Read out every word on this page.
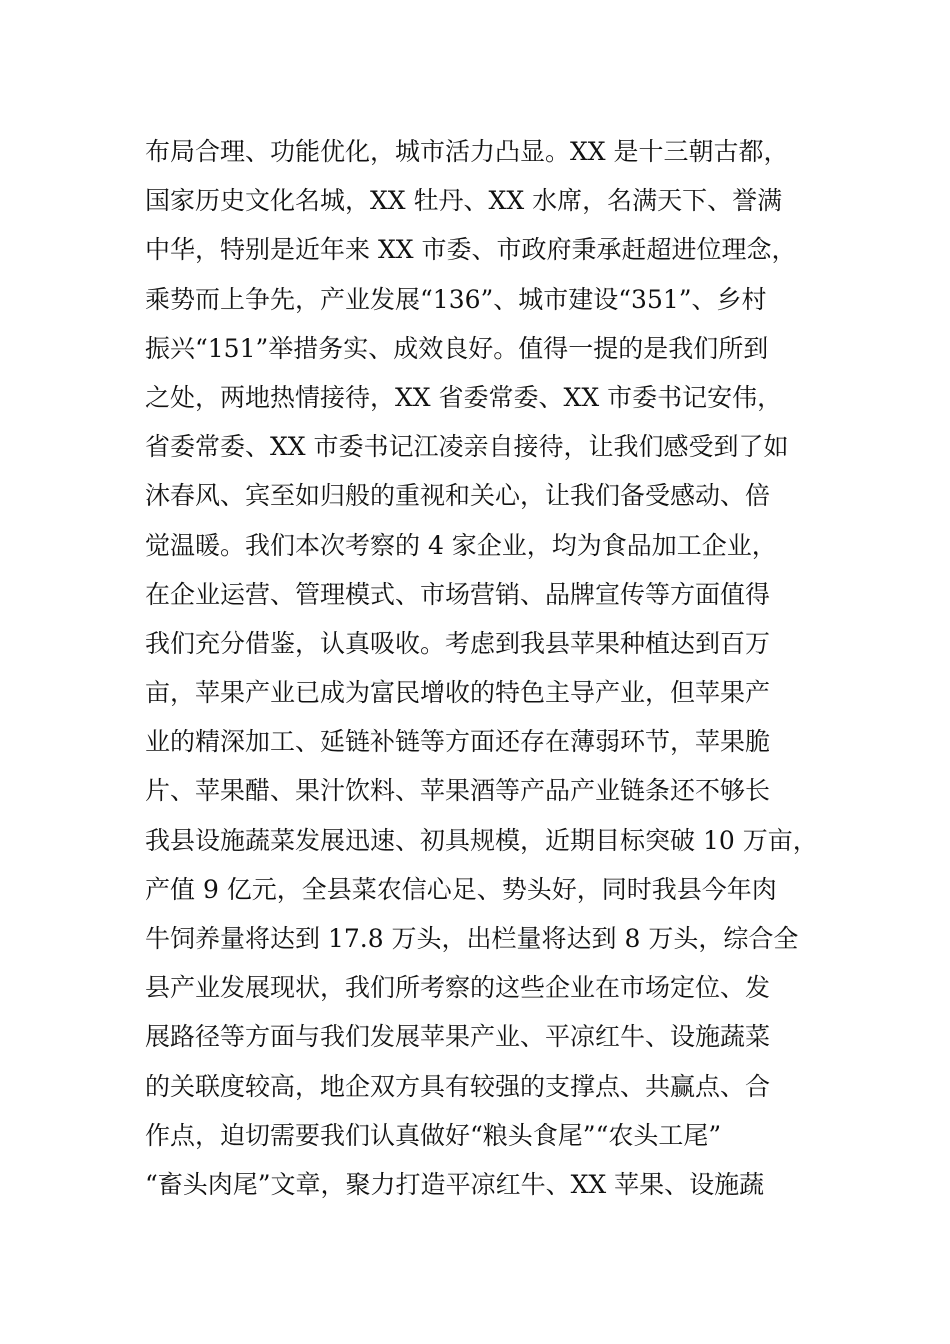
布局合理、功能优化，城市活力凸显。XX 是十三朝古都，
国家历史文化名城，XX 牡丹、XX 水席，名满天下、誉满
中华，特别是近年来 XX 市委、市政府秉承赶超进位理念，
乘势而上争先，产业发展“136”、城市建设“351”、乡村
振兴“151”举措务实、成效良好。值得一提的是我们所到
之处，两地热情接待，XX 省委常委、XX 市委书记安伟，
省委常委、XX 市委书记江凌亲自接待，让我们感受到了如
沐春风、宾至如归般的重视和关心，让我们备受感动、倍
觉温暖。我们本次考察的 4 家企业，均为食品加工企业，
在企业运营、管理模式、市场营销、品牌宣传等方面值得
我们充分借鉴，认真吸收。考虑到我县苹果种植达到百万
亩，苹果产业已成为富民增收的特色主导产业，但苹果产
业的精深加工、延链补链等方面还存在薄弱环节，苹果脆
片、苹果醋、果汁饮料、苹果酒等产品产业链条还不够长
我县设施蔬菜发展迅速、初具规模，近期目标突破 10 万亩，
产值 9 亿元，全县菜农信心足、势头好，同时我县今年肉
牛饲养量将达到 17.8 万头，出栏量将达到 8 万头，综合全
县产业发展现状，我们所考察的这些企业在市场定位、发
展路径等方面与我们发展苹果产业、平凉红牛、设施蔬菜
的关联度较高，地企双方具有较强的支撑点、共赢点、合
作点，迫切需要我们认真做好“粮头食尾”“农头工尾”
“畜头肉尾”文章，聚力打造平凉红牛、XX 苹果、设施蔬
